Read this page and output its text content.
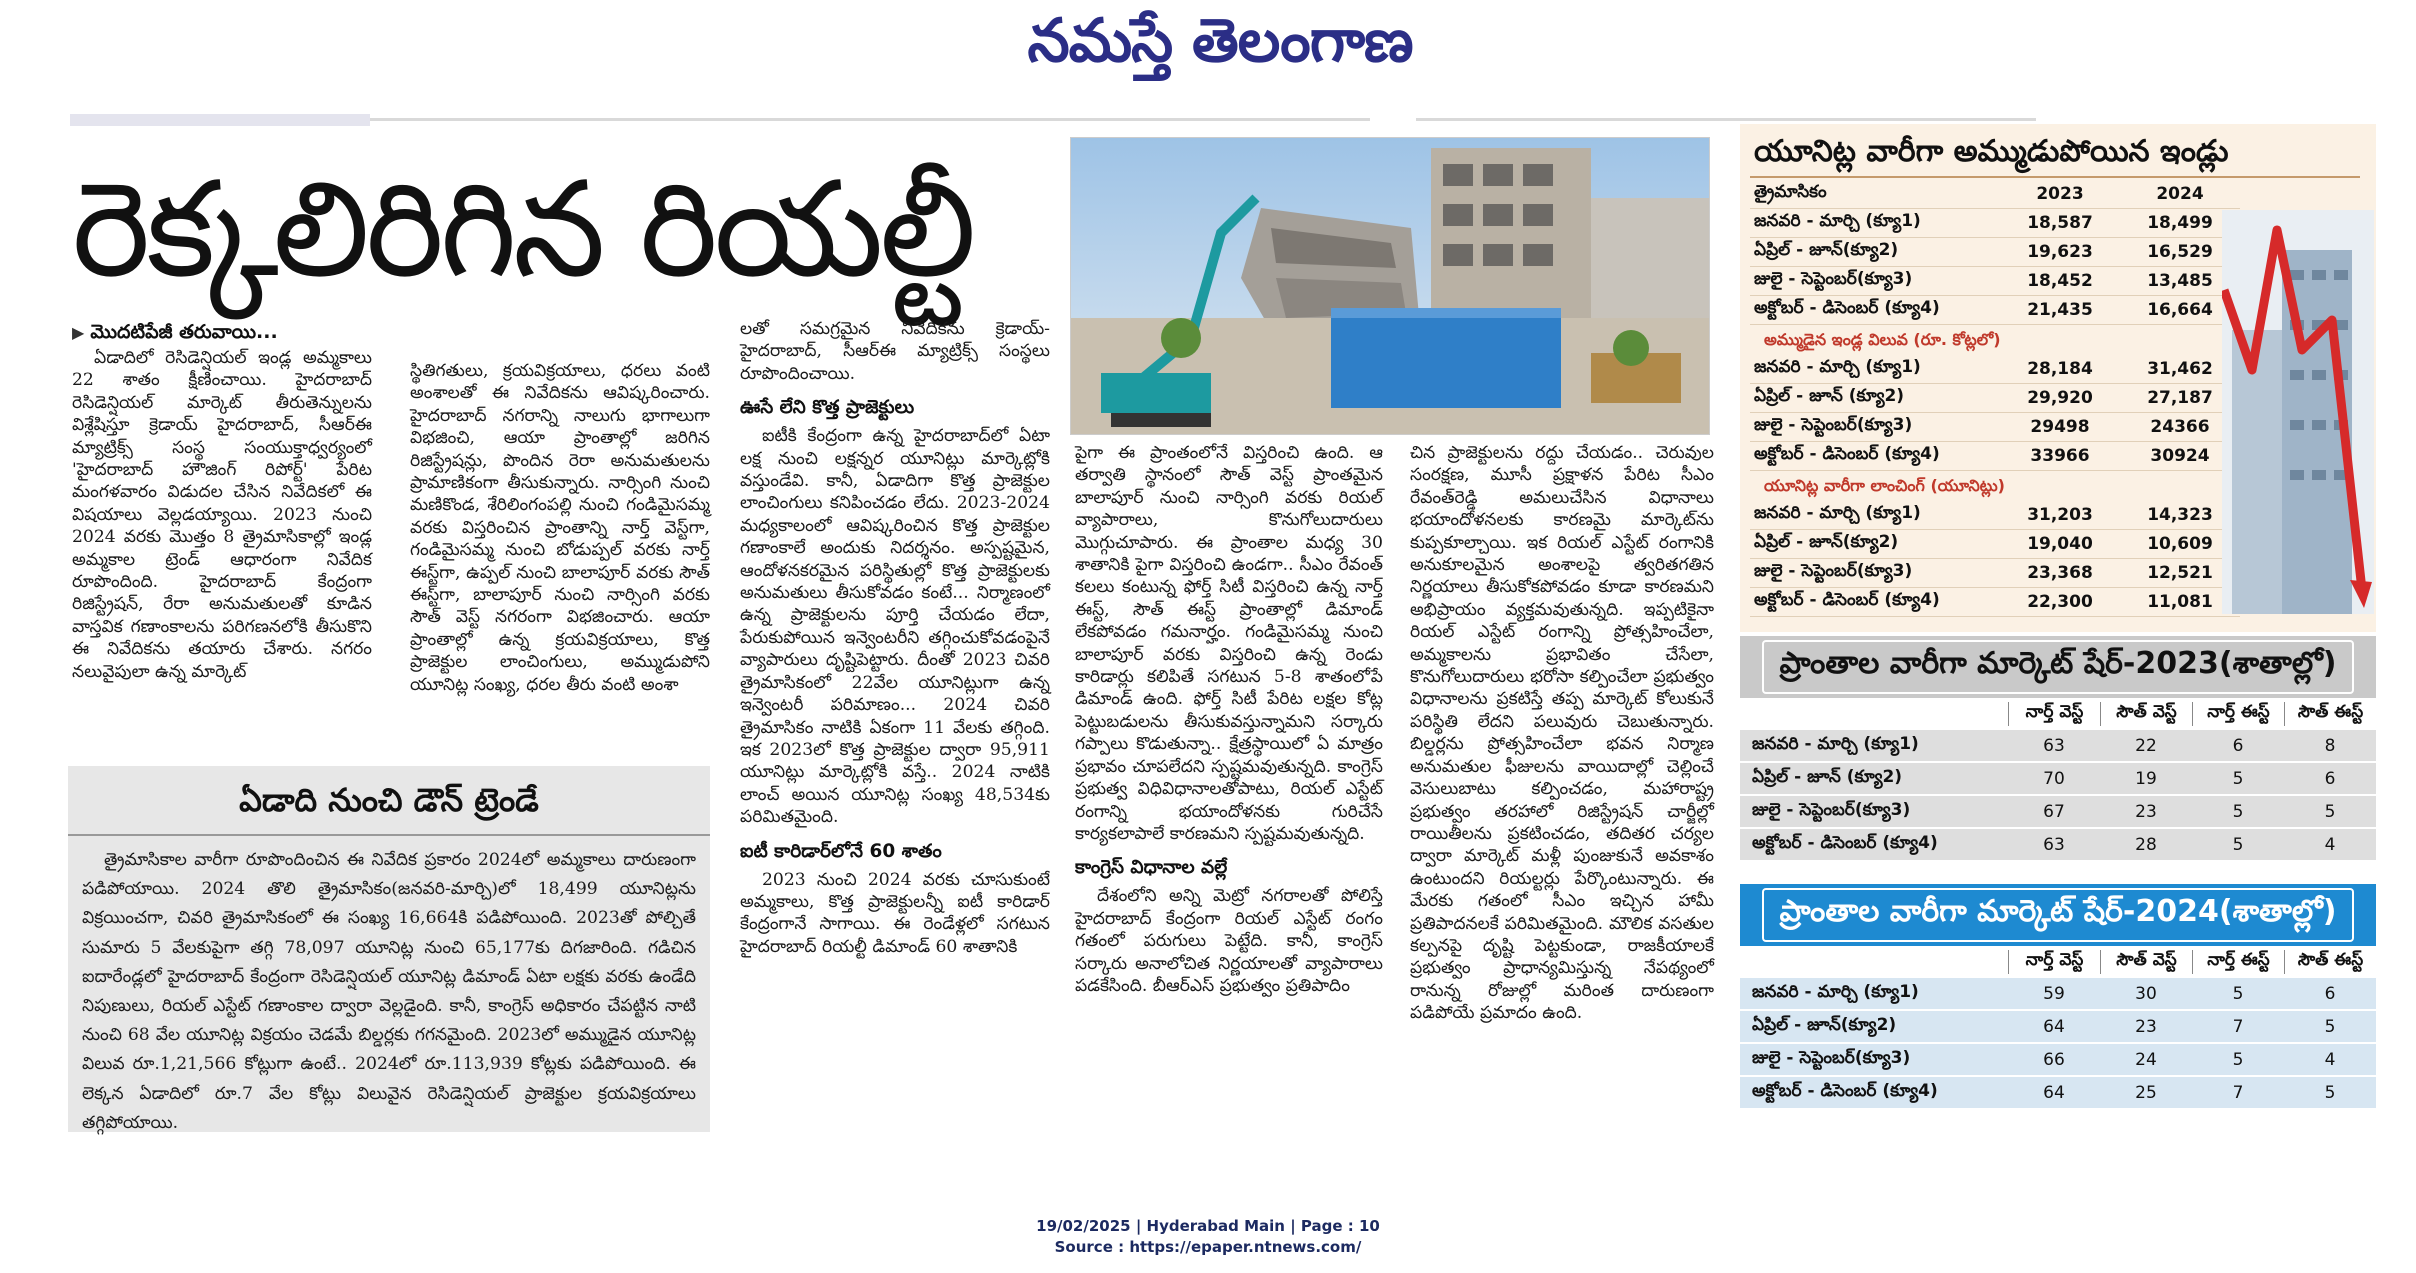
నమస్తే తెలంగాణ
రెక్కలిరిగిన రియల్టీ
▶ మొదటిపేజీ తరువాయి...

ఏడాదిలో రెసిడెన్షియల్ ఇండ్ల అమ్మకాలు 22 శాతం క్షీణించాయి. హైదరాబాద్ రెసిడెన్షియల్ మార్కెట్ తీరుతెన్నులను విశ్లేషిస్తూ క్రెడాయ్ హైదరాబాద్, సీఆర్ఈ మ్యాట్రిక్స్ సంస్థ సంయుక్తాధ్వర్యంలో 'హైదరాబాద్ హౌజింగ్ రిపోర్ట్' పేరిట మంగళవారం విడుదల చేసిన నివేదికలో ఈ విషయాలు వెల్లడయ్యాయి. 2023 నుంచి 2024 వరకు మొత్తం 8 త్రైమాసికాల్లో ఇండ్ల అమ్మకాల ట్రెండ్ ఆధారంగా నివేదిక రూపొందింది. హైదరాబాద్ కేంద్రంగా రిజిస్ట్రేషన్, రేరా అనుమతులతో కూడిన వాస్తవిక గణాంకాలను పరిగణనలోకి తీసుకొని ఈ నివేదికను తయారు చేశారు. నగరం నలువైపులా ఉన్న మార్కెట్

స్థితిగతులు, క్రయవిక్రయాలు, ధరలు వంటి అంశాలతో ఈ నివేదికను ఆవిష్కరించారు. హైదరాబాద్ నగరాన్ని నాలుగు భాగాలుగా విభజించి, ఆయా ప్రాంతాల్లో జరిగిన రిజిస్ట్రేషన్లు, పొందిన రెరా అనుమతులను ప్రామాణికంగా తీసుకున్నారు. నార్సింగి నుంచి మణికొండ, శేరిలింగంపల్లి నుంచి గండిమైసమ్మ వరకు విస్తరించిన ప్రాంతాన్ని నార్త్ వెస్ట్‌గా, గండిమైసమ్మ నుంచి బోడుప్పల్ వరకు నార్త్ ఈస్ట్‌గా, ఉప్పల్ నుంచి బాలాపూర్ వరకు సౌత్ ఈస్ట్‌గా, బాలాపూర్ నుంచి నార్సింగి వరకు సౌత్ వెస్ట్ నగరంగా విభజించారు. ఆయా ప్రాంతాల్లో ఉన్న క్రయవిక్రయాలు, కొత్త ప్రాజెక్టుల లాంచింగులు, అమ్ముడుపోని యూనిట్ల సంఖ్య, ధరల తీరు వంటి అంశా

లతో సమగ్రమైన నివేదికను క్రెడాయ్-హైదరాబాద్, సీఆర్ఈ మ్యాట్రిక్స్ సంస్థలు రూపొందించాయి.

ఊసే లేని కొత్త ప్రాజెక్టులు

ఐటీకి కేంద్రంగా ఉన్న హైదరాబాద్‌లో ఏటా లక్ష నుంచి లక్షన్నర యూనిట్లు మార్కెట్లోకి వస్తుండేవి. కానీ, ఏడాదిగా కొత్త ప్రాజెక్టుల లాంచింగులు కనిపించడం లేదు. 2023-2024 మధ్యకాలంలో ఆవిష్కరించిన కొత్త ప్రాజెక్టుల గణాంకాలే అందుకు నిదర్శనం. అస్పష్టమైన, ఆందోళనకరమైన పరిస్థితుల్లో కొత్త ప్రాజెక్టులకు అనుమతులు తీసుకోవడం కంటే... నిర్మాణంలో ఉన్న ప్రాజెక్టులను పూర్తి చేయడం లేదా, పేరుకుపోయిన ఇన్వెంటరీని తగ్గించుకోవడంపైనే వ్యాపారులు దృష్టిపెట్టారు. దీంతో 2023 చివరి త్రైమాసికంలో 22వేల యూనిట్లుగా ఉన్న ఇన్వెంటరీ పరిమాణం... 2024 చివరి త్రైమాసికం నాటికి ఏకంగా 11 వేలకు తగ్గింది. ఇక 2023లో కొత్త ప్రాజెక్టుల ద్వారా 95,911 యూనిట్లు మార్కెట్లోకి వస్తే.. 2024 నాటికి లాంచ్ అయిన యూనిట్ల సంఖ్య 48,534కు పరిమితమైంది.

ఐటీ కారిడార్‌లోనే 60 శాతం

2023 నుంచి 2024 వరకు చూసుకుంటే అమ్మకాలు, కొత్త ప్రాజెక్టులన్నీ ఐటీ కారిడార్ కేంద్రంగానే సాగాయి. ఈ రెండేళ్లలో సగటున హైదరాబాద్ రియల్టీ డిమాండ్ 60 శాతానికి

పైగా ఈ ప్రాంతంలోనే విస్తరించి ఉంది. ఆ తర్వాతి స్థానంలో సౌత్ వెస్ట్ ప్రాంతమైన బాలాపూర్ నుంచి నార్సింగి వరకు రియల్ వ్యాపారాలు, కొనుగోలుదారులు మొగ్గుచూపారు. ఈ ప్రాంతాల మధ్య 30 శాతానికి పైగా విస్తరించి ఉండగా.. సీఎం రేవంత్ కలలు కంటున్న ఫోర్త్ సిటీ విస్తరించి ఉన్న నార్త్ ఈస్ట్, సౌత్ ఈస్ట్ ప్రాంతాల్లో డిమాండ్ లేకపోవడం గమనార్హం. గండిమైసమ్మ నుంచి బాలాపూర్ వరకు విస్తరించి ఉన్న రెండు కారిడార్లు కలిపితే సగటున 5-8 శాతంలోపే డిమాండ్ ఉంది. ఫోర్త్ సిటీ పేరిట లక్షల కోట్ల పెట్టుబడులను తీసుకువస్తున్నామని సర్కారు గప్పాలు కొడుతున్నా.. క్షేత్రస్థాయిలో ఏ మాత్రం ప్రభావం చూపలేదని స్పష్టమవుతున్నది. కాంగ్రెస్ ప్రభుత్వ విధివిధానాలతోపాటు, రియల్ ఎస్టేట్ రంగాన్ని భయాందోళనకు గురిచేసే కార్యకలాపాలే కారణమని స్పష్టమవుతున్నది.

కాంగ్రెస్ విధానాల వల్లే

దేశంలోని అన్ని మెట్రో నగరాలతో పోలిస్తే హైదరాబాద్ కేంద్రంగా రియల్ ఎస్టేట్ రంగం గతంలో పరుగులు పెట్టేది. కానీ, కాంగ్రెస్ సర్కారు అనాలోచిత నిర్ణయాలతో వ్యాపారాలు పడకేసింది. బీఆర్ఎస్ ప్రభుత్వం ప్రతిపాదిం

చిన ప్రాజెక్టులను రద్దు చేయడం.. చెరువుల సంరక్షణ, మూసీ ప్రక్షాళన పేరిట సీఎం రేవంత్‌రెడ్డి అమలుచేసిన విధానాలు భయాందోళనలకు కారణమై మార్కెట్‌ను కుప్పకూల్చాయి. ఇక రియల్ ఎస్టేట్ రంగానికి అనుకూలమైన అంశాలపై త్వరితగతిన నిర్ణయాలు తీసుకోకపోవడం కూడా కారణమని అభిప్రాయం వ్యక్తమవుతున్నది. ఇప్పటికైనా రియల్ ఎస్టేట్ రంగాన్ని ప్రోత్సహించేలా, అమ్మకాలను ప్రభావితం చేసేలా, కొనుగోలుదారులు భరోసా కల్పించేలా ప్రభుత్వం విధానాలను ప్రకటిస్తే తప్ప మార్కెట్ కోలుకునే పరిస్థితి లేదని పలువురు చెబుతున్నారు. బిల్డర్లను ప్రోత్సహించేలా భవన నిర్మాణ అనుమతుల ఫీజులను వాయిదాల్లో చెల్లించే వెసులుబాటు కల్పించడం, మహారాష్ట్ర ప్రభుత్వం తరహాలో రిజిస్ట్రేషన్ చార్జీల్లో రాయితీలను ప్రకటించడం, తదితర చర్యల ద్వారా మార్కెట్ మళ్లీ పుంజుకునే అవకాశం ఉంటుందని రియల్టర్లు పేర్కొంటున్నారు. ఈ మేరకు గతంలో సీఎం ఇచ్చిన హామీ ప్రతిపాదనలకే పరిమితమైంది. మౌలిక వసతుల కల్పనపై దృష్టి పెట్టకుండా, రాజకీయాలకే ప్రభుత్వం ప్రాధాన్యమిస్తున్న నేపథ్యంలో రానున్న రోజుల్లో మరింత దారుణంగా పడిపోయే ప్రమాదం ఉంది.

ఏడాది నుంచి డౌన్ ట్రెండే

త్రైమాసికాల వారీగా రూపొందించిన ఈ నివేదిక ప్రకారం 2024లో అమ్మకాలు దారుణంగా పడిపోయాయి. 2024 తొలి త్రైమాసికం(జనవరి-మార్చి)లో 18,499 యూనిట్లను విక్రయించగా, చివరి త్రైమాసికంలో ఈ సంఖ్య 16,664కి పడిపోయింది. 2023తో పోల్చితే సుమారు 5 వేలకుపైగా తగ్గి 78,097 యూనిట్ల నుంచి 65,177కు దిగజారింది. గడిచిన ఐదారేండ్లలో హైదరాబాద్ కేంద్రంగా రెసిడెన్షియల్ యూనిట్ల డిమాండ్ ఏటా లక్షకు వరకు ఉండేది నిపుణులు, రియల్ ఎస్టేట్ గణాంకాల ద్వారా వెల్లడైంది. కానీ, కాంగ్రెస్ అధికారం చేపట్టిన నాటి నుంచి 68 వేల యూనిట్ల విక్రయం చెడమే బిల్డర్లకు గగనమైంది. 2023లో అమ్ముడైన యూనిట్ల విలువ రూ.1,21,566 కోట్లుగా ఉంటే.. 2024లో రూ.113,939 కోట్లకు పడిపోయింది. ఈ లెక్కన ఏడాదిలో రూ.7 వేల కోట్లు విలువైన రెసిడెన్షియల్ ప్రాజెక్టుల క్రయవిక్రయాలు తగ్గిపోయాయి.

యూనిట్ల వారీగా అమ్ముడుపోయిన ఇండ్లు
త్రైమాసికం	2023	2024
జనవరి - మార్చి (క్యూ1)	18,587	18,499
ఏప్రిల్ - జూన్(క్యూ2)	19,623	16,529
జులై - సెప్టెంబర్(క్యూ3)	18,452	13,485
అక్టోబర్ - డిసెంబర్ (క్యూ4)	21,435	16,664
అమ్ముడైన ఇండ్ల విలువ (రూ. కోట్లలో)
జనవరి - మార్చి (క్యూ1)	28,184	31,462
ఏప్రిల్ - జూన్ (క్యూ2)	29,920	27,187
జులై - సెప్టెంబర్(క్యూ3)	29498	24366
అక్టోబర్ - డిసెంబర్ (క్యూ4)	33966	30924
యూనిట్ల వారీగా లాంచింగ్ (యూనిట్లు)
జనవరి - మార్చి (క్యూ1)	31,203	14,323
ఏప్రిల్ - జూన్(క్యూ2)	19,040	10,609
జులై - సెప్టెంబర్(క్యూ3)	23,368	12,521
అక్టోబర్ - డిసెంబర్ (క్యూ4)	22,300	11,081
ప్రాంతాల వారీగా మార్కెట్ షేర్-2023(శాతాల్లో)
నార్త్ వెస్ట్	సౌత్ వెస్ట్	నార్త్ ఈస్ట్	సౌత్ ఈస్ట్
జనవరి - మార్చి (క్యూ1)	63	22	6	8
ఏప్రిల్ - జూన్ (క్యూ2)	70	19	5	6
జులై - సెప్టెంబర్(క్యూ3)	67	23	5	5
అక్టోబర్ - డిసెంబర్ (క్యూ4)	63	28	5	4
ప్రాంతాల వారీగా మార్కెట్ షేర్-2024(శాతాల్లో)
నార్త్ వెస్ట్	సౌత్ వెస్ట్	నార్త్ ఈస్ట్	సౌత్ ఈస్ట్
జనవరి - మార్చి (క్యూ1)	59	30	5	6
ఏప్రిల్ - జూన్(క్యూ2)	64	23	7	5
జులై - సెప్టెంబర్(క్యూ3)	66	24	5	4
అక్టోబర్ - డిసెంబర్ (క్యూ4)	64	25	7	5
19/02/2025 | Hyderabad Main | Page : 10
Source : https://epaper.ntnews.com/
